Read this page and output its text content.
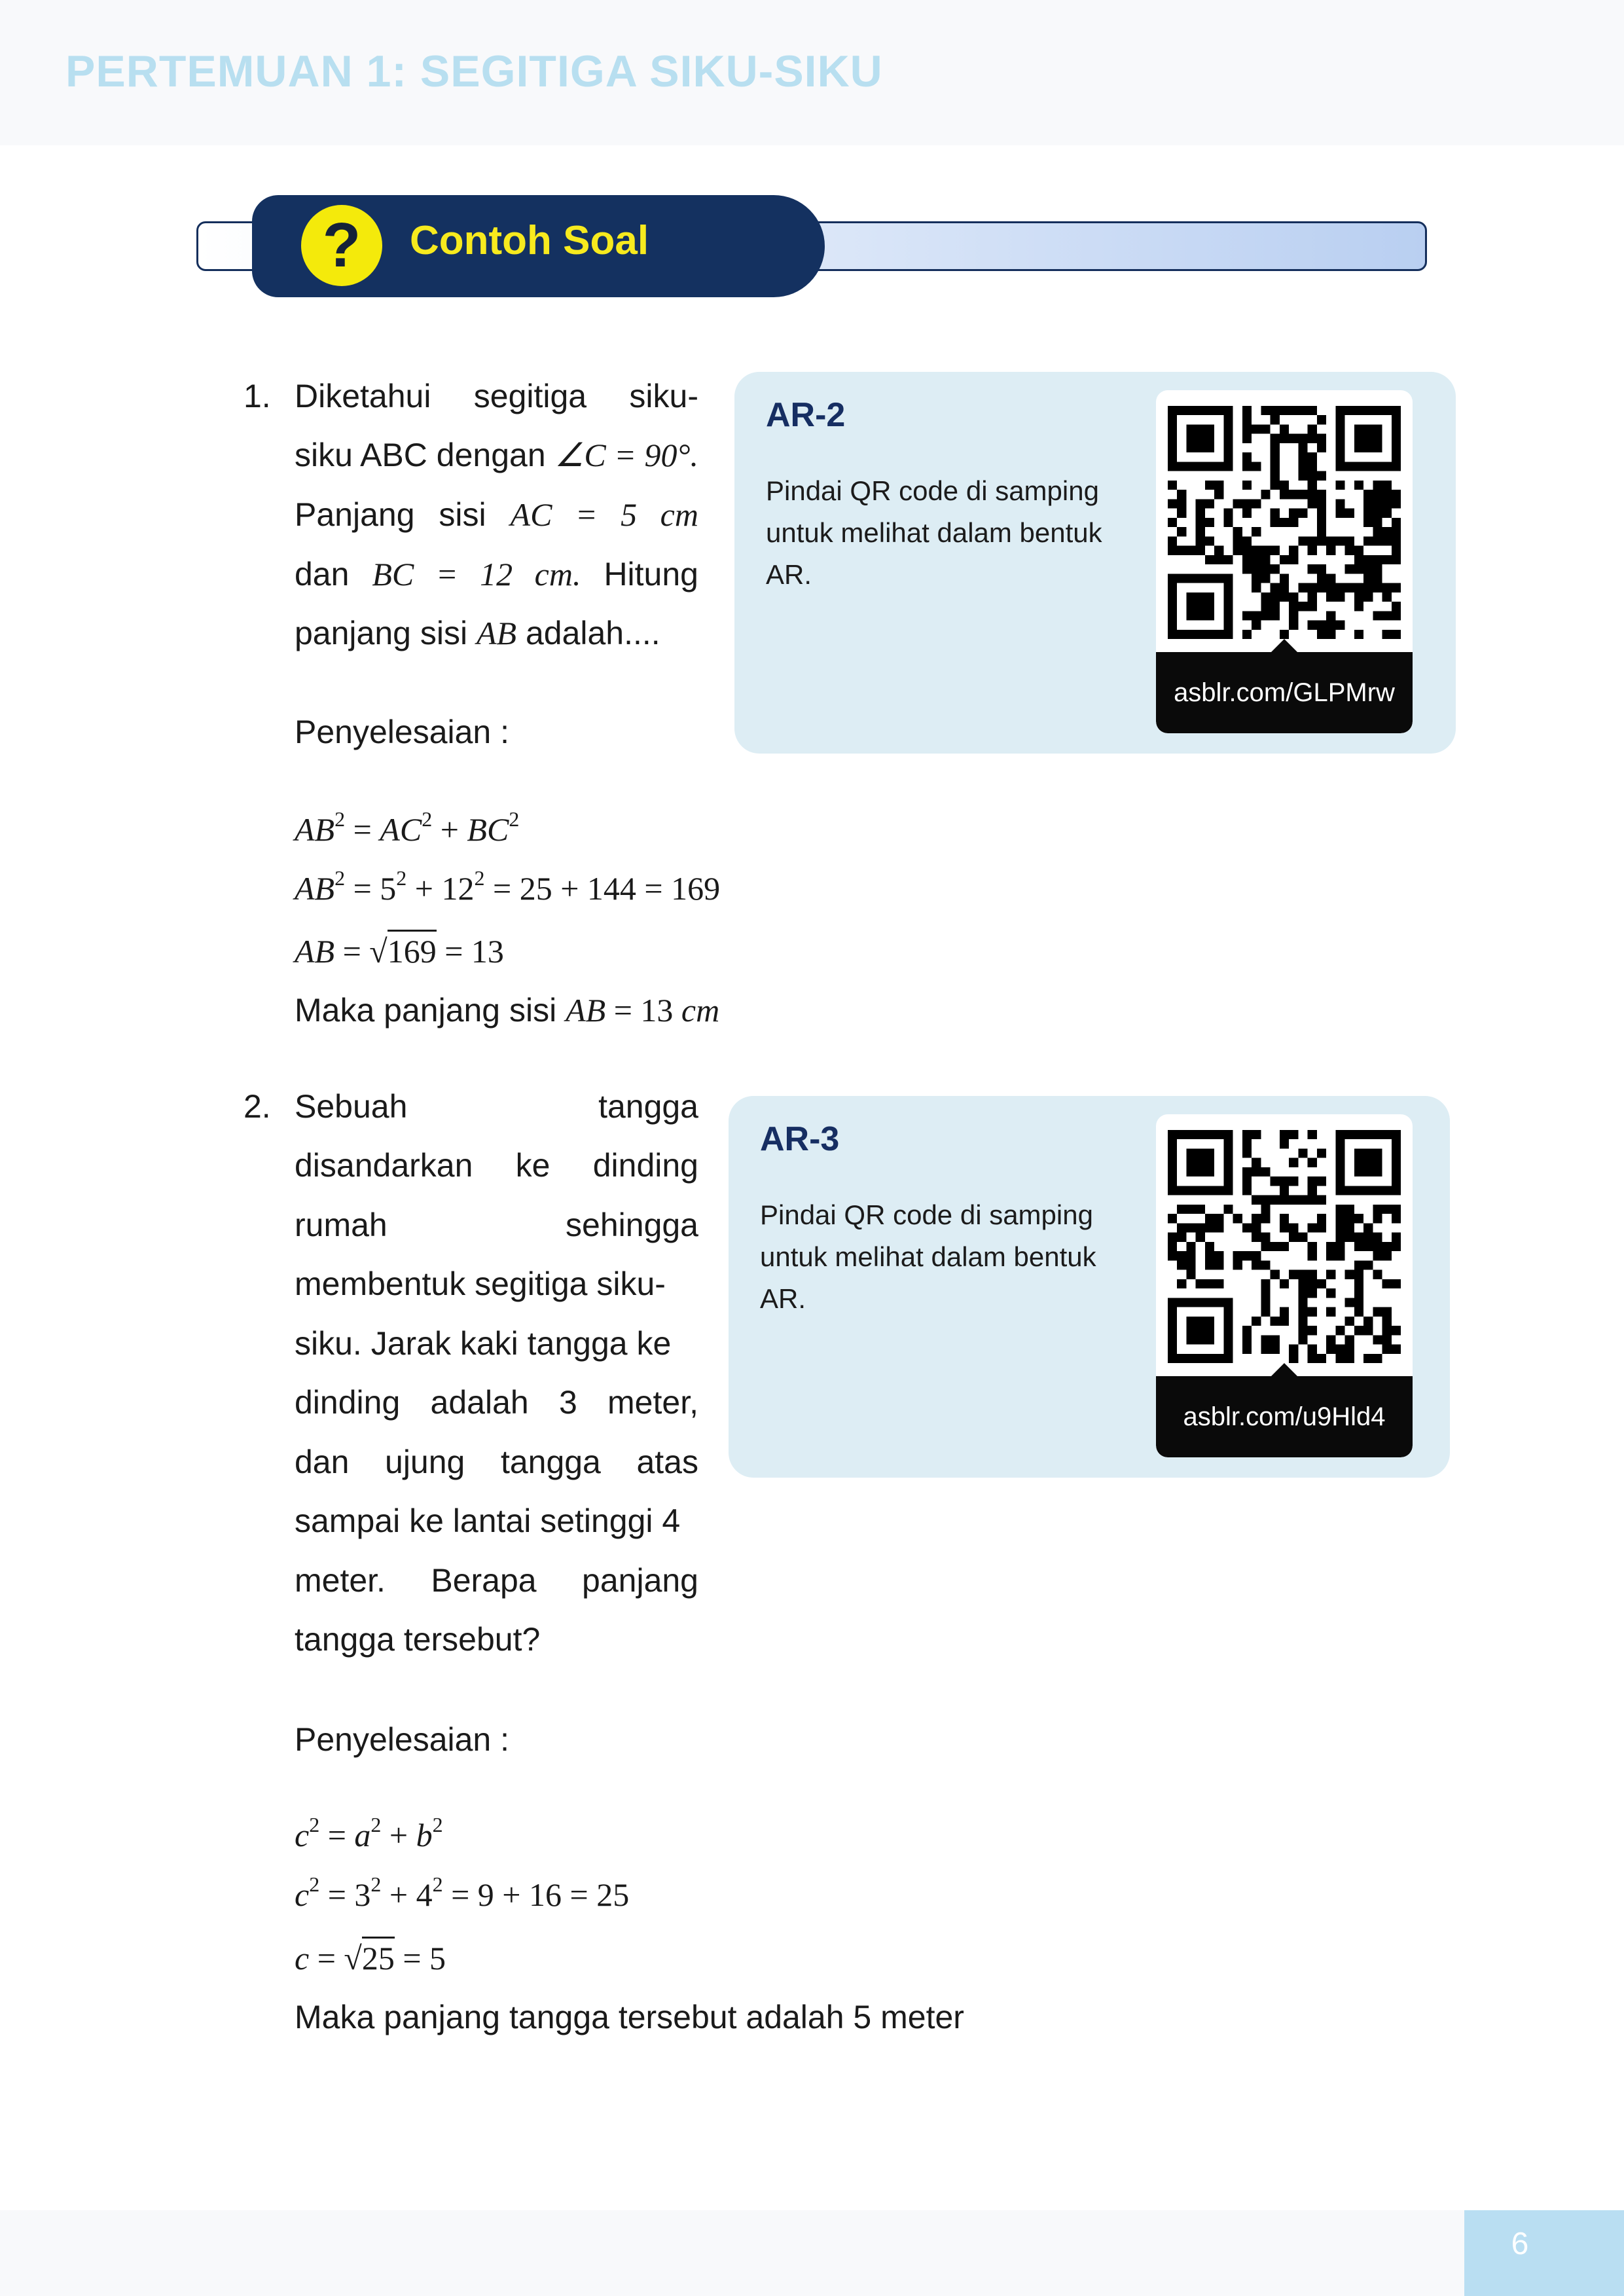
PERTEMUAN 1: SEGITIGA SIKU-SIKU
?	Contoh Soal
1. Diketahui segitiga siku-
siku ABC dengan ∠C = 90°.
Panjang sisi AC = 5 cm
dan BC = 12 cm. Hitung
panjang sisi AB adalah....
Penyelesaian :
$AB^2 = AC^2 + BC^2$
$AB^2 = 5^2 + 12^2 = 25 + 144 = 169$
AB = √169 = 13
Maka panjang sisi AB = 13 cm
AR-2
Pindai QR code di samping untuk melihat dalam bentuk AR.
asblr.com/GLPMrw
2. Sebuah	tangga
disandarkan ke dinding
rumah	sehingga
membentuk segitiga siku-
siku. Jarak kaki tangga ke
dinding adalah 3 meter,
dan ujung tangga atas
sampai ke lantai setinggi 4
meter. Berapa panjang
tangga tersebut?
Penyelesaian :
$c^2 = a^2 + b^2$
$c^2 = 3^2 + 4^2 = 9 + 16 = 25$
c = √25 = 5
Maka panjang tangga tersebut adalah 5 meter
AR-3
Pindai QR code di samping untuk melihat dalam bentuk AR.
asblr.com/u9Hld4
6
